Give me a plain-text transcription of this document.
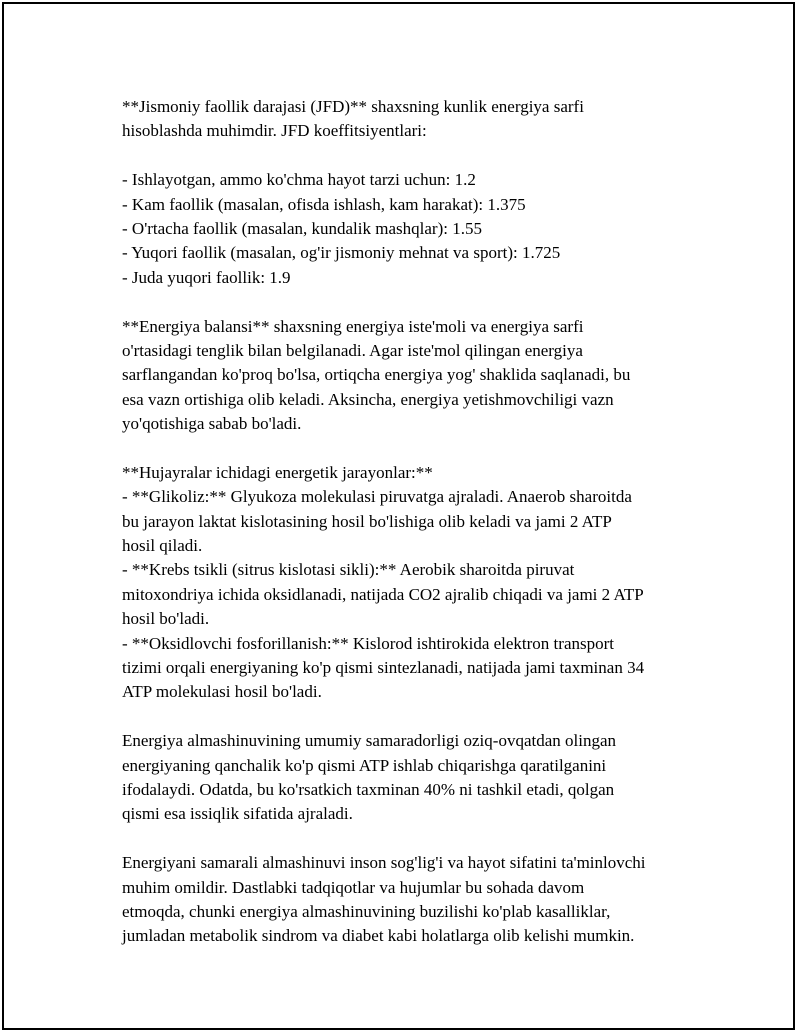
**Jismoniy faollik darajasi (JFD)** shaxsning kunlik energiya sarfi
hisoblashda muhimdir. JFD koeffitsiyentlari:
- Ishlayotgan, ammo ko'chma hayot tarzi uchun: 1.2
- Kam faollik (masalan, ofisda ishlash, kam harakat): 1.375
- O'rtacha faollik (masalan, kundalik mashqlar): 1.55
- Yuqori faollik (masalan, og'ir jismoniy mehnat va sport): 1.725
- Juda yuqori faollik: 1.9
**Energiya balansi** shaxsning energiya iste'moli va energiya sarfi
o'rtasidagi tenglik bilan belgilanadi. Agar iste'mol qilingan energiya
sarflangandan ko'proq bo'lsa, ortiqcha energiya yog' shaklida saqlanadi, bu
esa vazn ortishiga olib keladi. Aksincha, energiya yetishmovchiligi vazn
yo'qotishiga sabab bo'ladi.
**Hujayralar ichidagi energetik jarayonlar:**
- **Glikoliz:** Glyukoza molekulasi piruvatga ajraladi. Anaerob sharoitda
bu jarayon laktat kislotasining hosil bo'lishiga olib keladi va jami 2 ATP
hosil qiladi.
- **Krebs tsikli (sitrus kislotasi sikli):** Aerobik sharoitda piruvat
mitoxondriya ichida oksidlanadi, natijada CO2 ajralib chiqadi va jami 2 ATP
hosil bo'ladi.
- **Oksidlovchi fosforillanish:** Kislorod ishtirokida elektron transport
tizimi orqali energiyaning ko'p qismi sintezlanadi, natijada jami taxminan 34
ATP molekulasi hosil bo'ladi.
Energiya almashinuvining umumiy samaradorligi oziq-ovqatdan olingan
energiyaning qanchalik ko'p qismi ATP ishlab chiqarishga qaratilganini
ifodalaydi. Odatda, bu ko'rsatkich taxminan 40% ni tashkil etadi, qolgan
qismi esa issiqlik sifatida ajraladi.
Energiyani samarali almashinuvi inson sog'lig'i va hayot sifatini ta'minlovchi
muhim omildir. Dastlabki tadqiqotlar va hujumlar bu sohada davom
etmoqda, chunki energiya almashinuvining buzilishi ko'plab kasalliklar,
jumladan metabolik sindrom va diabet kabi holatlarga olib kelishi mumkin.
